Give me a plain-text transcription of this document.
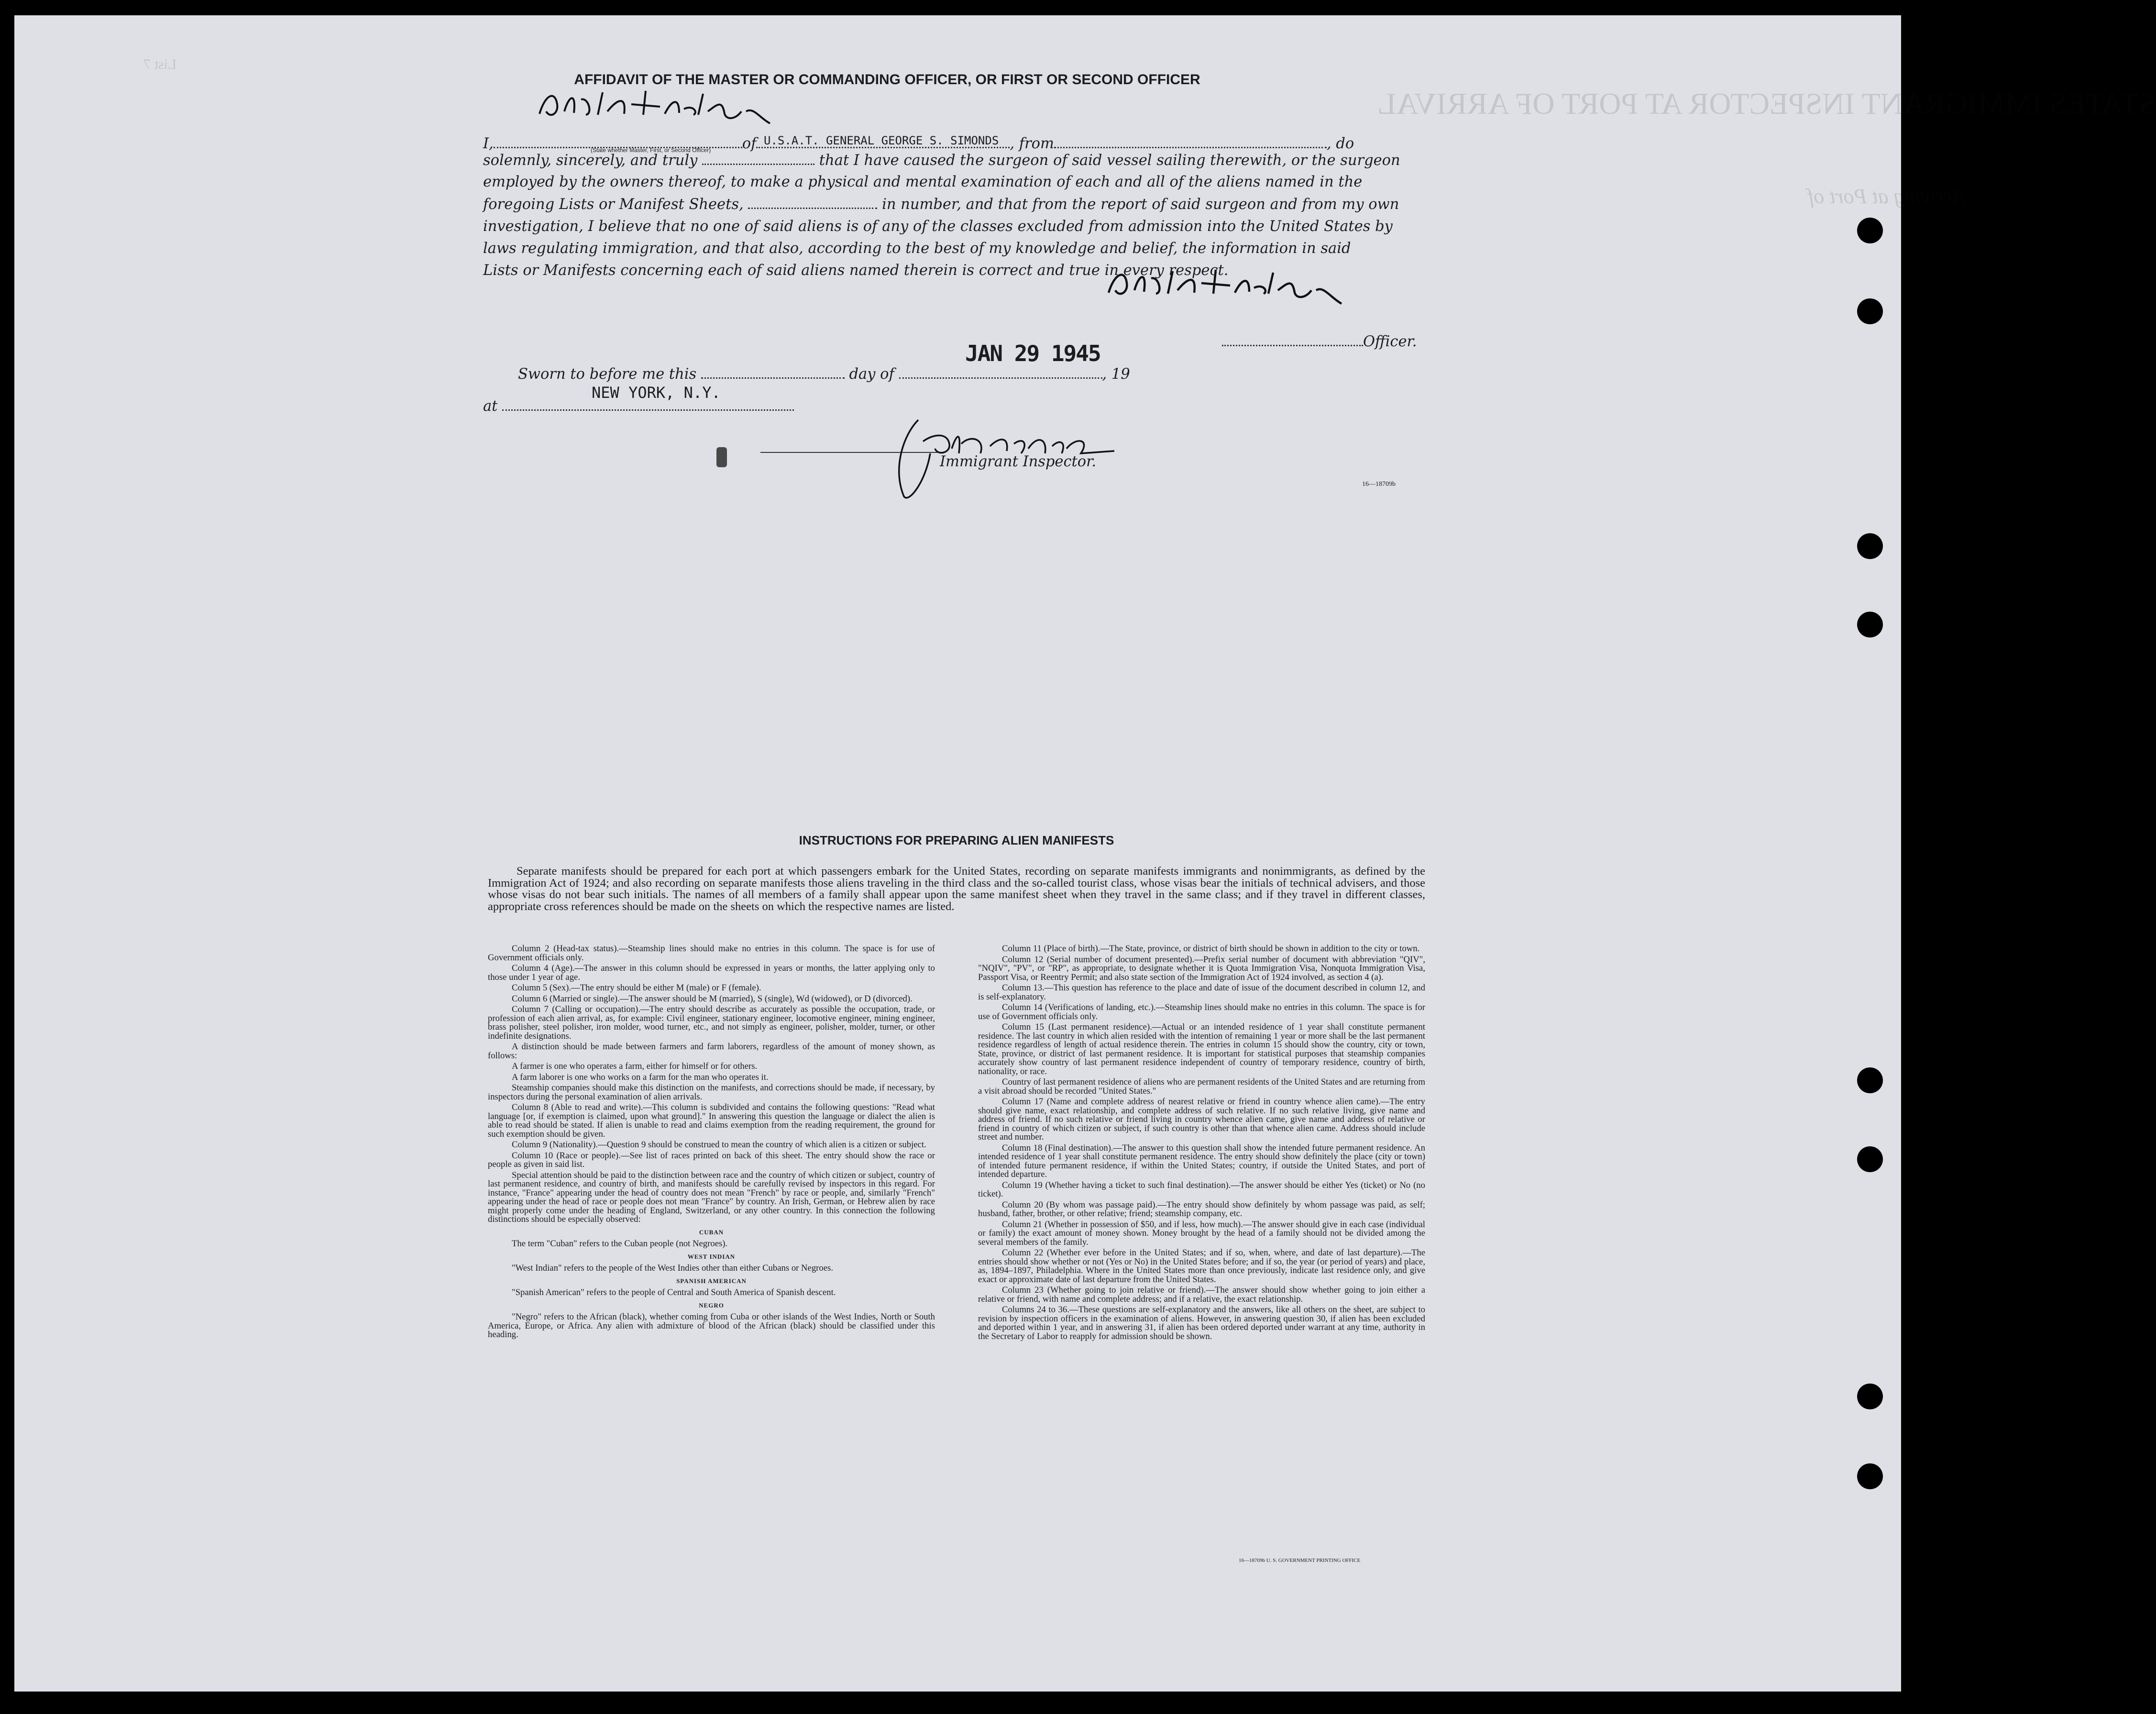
STATES IMMIGRANT INSPECTOR AT PORT OF ARRIVAL
Arriving at Port of
List 7
AFFIDAVIT OF THE MASTER OR COMMANDING OFFICER, OR FIRST OR SECOND OFFICER
I,	of	, from	, do
U.S.A.T. GENERAL GEORGE S. SIMONDS
(State whether Master, First, or Second Officer)
solemnly, sincerely, and truly	that I have caused the surgeon of said vessel sailing therewith, or the surgeon
employed by the owners thereof, to make a physical and mental examination of each and all of the aliens named in the
foregoing Lists or Manifest Sheets,	in number, and that from the report of said surgeon and from my own
investigation, I believe that no one of said aliens is of any of the classes excluded from admission into the United States by
laws regulating immigration, and that also, according to the best of my knowledge and belief, the information in said
Lists or Manifests concerning each of said aliens named therein is correct and true in every respect.
Officer.
JAN 29 1945
Sworn to before me this	day of	, 19
NEW YORK, N.Y.
at
Immigrant Inspector.
16—18709b
INSTRUCTIONS FOR PREPARING ALIEN MANIFESTS
Separate manifests should be prepared for each port at which passengers embark for the United States, recording on separate manifests immigrants and nonimmigrants, as defined by the Immigration Act of 1924; and also recording on separate manifests those aliens traveling in the third class and the so-called tourist class, whose visas bear the initials of technical advisers, and those whose visas do not bear such initials. The names of all members of a family shall appear upon the same manifest sheet when they travel in the same class; and if they travel in different classes, appropriate cross references should be made on the sheets on which the respective names are listed.

Column 2 (Head-tax status).—Steamship lines should make no entries in this column. The space is for use of Government officials only.

Column 4 (Age).—The answer in this column should be expressed in years or months, the latter applying only to those under 1 year of age.

Column 5 (Sex).—The entry should be either M (male) or F (female).

Column 6 (Married or single).—The answer should be M (married), S (single), Wd (widowed), or D (divorced).

Column 7 (Calling or occupation).—The entry should describe as accurately as possible the occupation, trade, or profession of each alien arrival, as, for example: Civil engineer, stationary engineer, locomotive engineer, mining engineer, brass polisher, steel polisher, iron molder, wood turner, etc., and not simply as engineer, polisher, molder, turner, or other indefinite designations.

A distinction should be made between farmers and farm laborers, regardless of the amount of money shown, as follows:

A farmer is one who operates a farm, either for himself or for others.

A farm laborer is one who works on a farm for the man who operates it.

Steamship companies should make this distinction on the manifests, and corrections should be made, if necessary, by inspectors during the personal examination of alien arrivals.

Column 8 (Able to read and write).—This column is subdivided and contains the following questions: "Read what language [or, if exemption is claimed, upon what ground]." In answering this question the language or dialect the alien is able to read should be stated. If alien is unable to read and claims exemption from the reading requirement, the ground for such exemption should be given.

Column 9 (Nationality).—Question 9 should be construed to mean the country of which alien is a citizen or subject.

Column 10 (Race or people).—See list of races printed on back of this sheet. The entry should show the race or people as given in said list.

Special attention should be paid to the distinction between race and the country of which citizen or subject, country of last permanent residence, and country of birth, and manifests should be carefully revised by inspectors in this regard. For instance, "France" appearing under the head of country does not mean "French" by race or people, and, similarly "French" appearing under the head of race or people does not mean "France" by country. An Irish, German, or Hebrew alien by race might properly come under the heading of England, Switzerland, or any other country. In this connection the following distinctions should be especially observed:

CUBAN

The term "Cuban" refers to the Cuban people (not Negroes).

WEST INDIAN

"West Indian" refers to the people of the West Indies other than either Cubans or Negroes.

SPANISH AMERICAN

"Spanish American" refers to the people of Central and South America of Spanish descent.

NEGRO

"Negro" refers to the African (black), whether coming from Cuba or other islands of the West Indies, North or South America, Europe, or Africa. Any alien with admixture of blood of the African (black) should be classified under this heading.

Column 11 (Place of birth).—The State, province, or district of birth should be shown in addition to the city or town.

Column 12 (Serial number of document presented).—Prefix serial number of document with abbreviation "QIV", "NQIV", "PV", or "RP", as appropriate, to designate whether it is Quota Immigration Visa, Nonquota Immigration Visa, Passport Visa, or Reentry Permit; and also state section of the Immigration Act of 1924 involved, as section 4 (a).

Column 13.—This question has reference to the place and date of issue of the document described in column 12, and is self-explanatory.

Column 14 (Verifications of landing, etc.).—Steamship lines should make no entries in this column. The space is for use of Government officials only.

Column 15 (Last permanent residence).—Actual or an intended residence of 1 year shall constitute permanent residence. The last country in which alien resided with the intention of remaining 1 year or more shall be the last permanent residence regardless of length of actual residence therein. The entries in column 15 should show the country, city or town, State, province, or district of last permanent residence. It is important for statistical purposes that steamship companies accurately show country of last permanent residence independent of country of temporary residence, country of birth, nationality, or race.

Country of last permanent residence of aliens who are permanent residents of the United States and are returning from a visit abroad should be recorded "United States."

Column 17 (Name and complete address of nearest relative or friend in country whence alien came).—The entry should give name, exact relationship, and complete address of such relative. If no such relative living, give name and address of friend. If no such relative or friend living in country whence alien came, give name and address of relative or friend in country of which citizen or subject, if such country is other than that whence alien came. Address should include street and number.

Column 18 (Final destination).—The answer to this question shall show the intended future permanent residence. An intended residence of 1 year shall constitute permanent residence. The entry should show definitely the place (city or town) of intended future permanent residence, if within the United States; country, if outside the United States, and port of intended departure.

Column 19 (Whether having a ticket to such final destination).—The answer should be either Yes (ticket) or No (no ticket).

Column 20 (By whom was passage paid).—The entry should show definitely by whom passage was paid, as self; husband, father, brother, or other relative; friend; steamship company, etc.

Column 21 (Whether in possession of $50, and if less, how much).—The answer should give in each case (individual or family) the exact amount of money shown. Money brought by the head of a family should not be divided among the several members of the family.

Column 22 (Whether ever before in the United States; and if so, when, where, and date of last departure).—The entries should show whether or not (Yes or No) in the United States before; and if so, the year (or period of years) and place, as, 1894–1897, Philadelphia. Where in the United States more than once previously, indicate last residence only, and give exact or approximate date of last departure from the United States.

Column 23 (Whether going to join relative or friend).—The answer should show whether going to join either a relative or friend, with name and complete address; and if a relative, the exact relationship.

Columns 24 to 36.—These questions are self-explanatory and the answers, like all others on the sheet, are subject to revision by inspection officers in the examination of aliens. However, in answering question 30, if alien has been excluded and deported within 1 year, and in answering 31, if alien has been ordered deported under warrant at any time, authority in the Secretary of Labor to reapply for admission should be shown.

16—18709b U. S. GOVERNMENT PRINTING OFFICE
